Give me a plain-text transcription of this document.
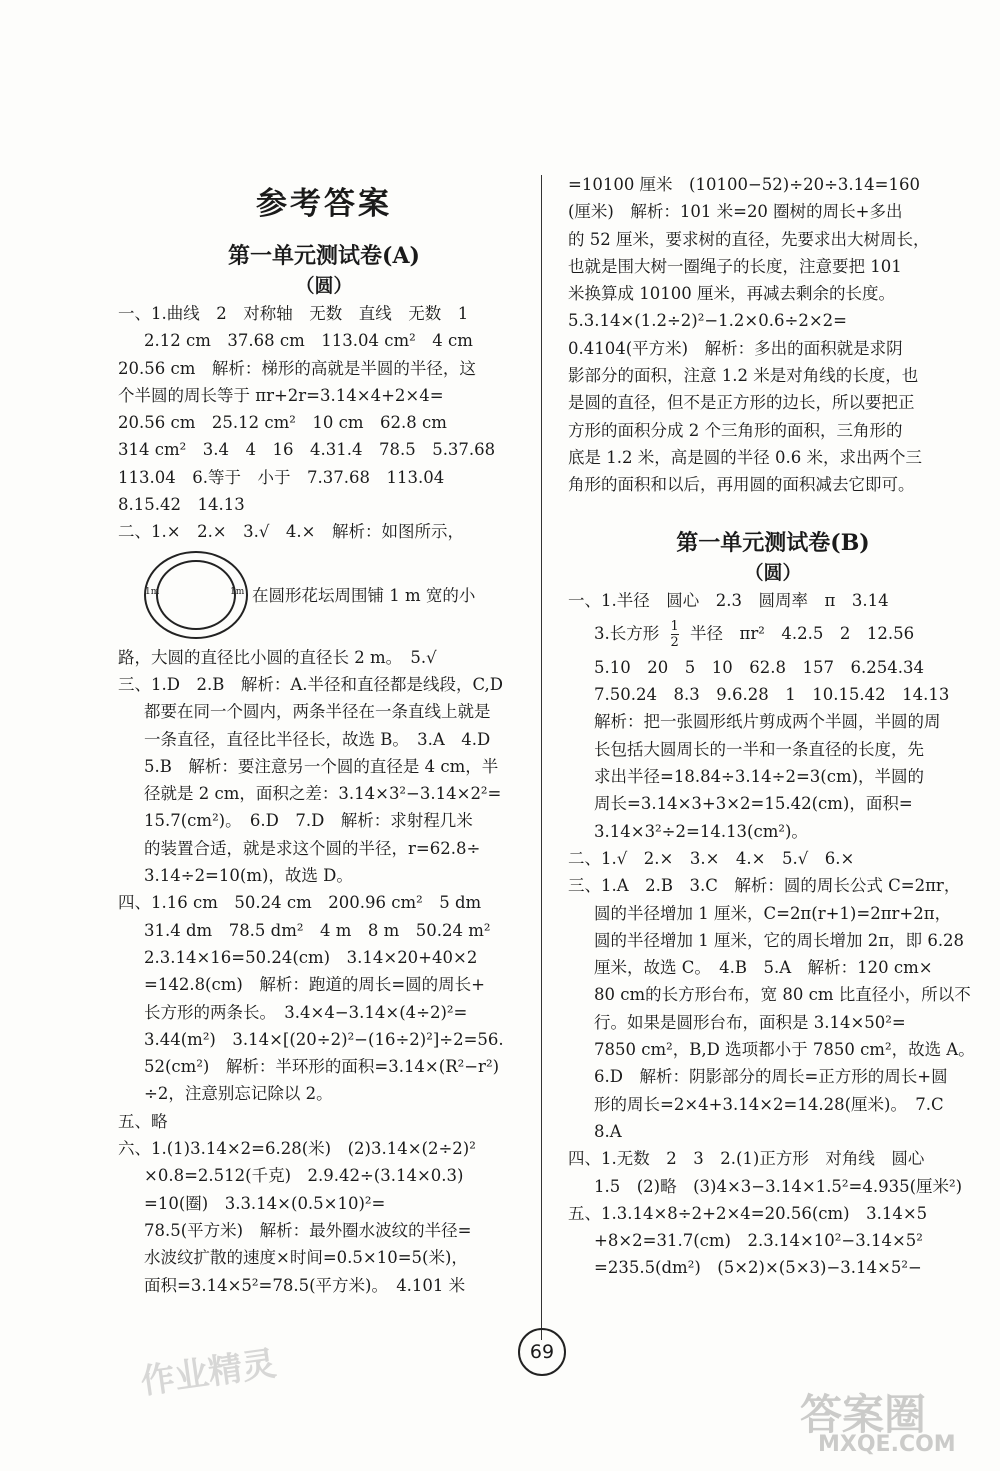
参考答案
第一单元测试卷(A)
（圆）
一、1.曲线　2　对称轴　无数　直线　无数　1
2.12 cm　37.68 cm　113.04 cm²　4 cm
20.56 cm　解析：梯形的高就是半圆的半径，这
个半圆的周长等于 πr+2r=3.14×4+2×4=
20.56 cm　25.12 cm²　10 cm　62.8 cm
314 cm²　3.4　4　16　4.31.4　78.5　5.37.68
113.04　6.等于　小于　7.37.68　113.04
8.15.42　14.13
二、1.×　2.×　3.√　4.×　解析：如图所示，
1m	1m 在圆形花坛周围铺 1 m 宽的小
路，大圆的直径比小圆的直径长 2 m。　5.√
三、1.D　2.B　解析：A.半径和直径都是线段，C,D
都要在同一个圆内，两条半径在一条直线上就是
一条直径，直径比半径长，故选 B。　3.A　4.D
5.B　解析：要注意另一个圆的直径是 4 cm，半
径就是 2 cm，面积之差：3.14×3²−3.14×2²=
15.7(cm²)。　6.D　7.D　解析：求射程几米
的装置合适，就是求这个圆的半径，r=62.8÷
3.14÷2=10(m)，故选 D。
四、1.16 cm　50.24 cm　200.96 cm²　5 dm
31.4 dm　78.5 dm²　4 m　8 m　50.24 m²
2.3.14×16=50.24(cm)　3.14×20+40×2
=142.8(cm)　解析：跑道的周长=圆的周长+
长方形的两条长。　3.4×4−3.14×(4÷2)²=
3.44(m²)　3.14×[(20÷2)²−(16÷2)²]÷2=56.
52(cm²)　解析：半环形的面积=3.14×(R²−r²)
÷2，注意别忘记除以 2。
五、略
六、1.(1)3.14×2=6.28(米)　(2)3.14×(2÷2)²
×0.8=2.512(千克)　2.9.42÷(3.14×0.3)
=10(圈)　3.3.14×(0.5×10)²=
78.5(平方米)　解析：最外圈水波纹的半径=
水波纹扩散的速度×时间=0.5×10=5(米)，
面积=3.14×5²=78.5(平方米)。　4.101 米
=10100 厘米　(10100−52)÷20÷3.14=160
(厘米)　解析：101 米=20 圈树的周长+多出
的 52 厘米，要求树的直径，先要求出大树周长，
也就是围大树一圈绳子的长度，注意要把 101
米换算成 10100 厘米，再减去剩余的长度。
5.3.14×(1.2÷2)²−1.2×0.6÷2×2=
0.4104(平方米)　解析：多出的面积就是求阴
影部分的面积，注意 1.2 米是对角线的长度，也
是圆的直径，但不是正方形的边长，所以要把正
方形的面积分成 2 个三角形的面积，三角形的
底是 1.2 米，高是圆的半径 0.6 米，求出两个三
角形的面积和以后，再用圆的面积减去它即可。
第一单元测试卷(B)
（圆）
一、1.半径　圆心　2.3　圆周率　π　3.14
3.长方形 $\frac{1}{2}$ 半径　πr²　4.2.5　2　12.56
5.10　20　5　10　62.8　157　6.254.34
7.50.24　8.3　9.6.28　1　10.15.42　14.13
解析：把一张圆形纸片剪成两个半圆，半圆的周
长包括大圆周长的一半和一条直径的长度，先
求出半径=18.84÷3.14÷2=3(cm)，半圆的
周长=3.14×3+3×2=15.42(cm)，面积=
3.14×3²÷2=14.13(cm²)。
二、1.√　2.×　3.×　4.×　5.√　6.×
三、1.A　2.B　3.C　解析：圆的周长公式 C=2πr，
圆的半径增加 1 厘米，C=2π(r+1)=2πr+2π，
圆的半径增加 1 厘米，它的周长增加 2π，即 6.28
厘米，故选 C。　4.B　5.A　解析：120 cm×
80 cm的长方形台布，宽 80 cm 比直径小，所以不
行。如果是圆形台布，面积是 3.14×50²=
7850 cm²，B,D 选项都小于 7850 cm²，故选 A。
6.D　解析：阴影部分的周长=正方形的周长+圆
形的周长=2×4+3.14×2=14.28(厘米)。　7.C
8.A
四、1.无数　2　3　2.(1)正方形　对角线　圆心
1.5　(2)略　(3)4×3−3.14×1.5²=4.935(厘米²)
五、1.3.14×8÷2+2×4=20.56(cm)　3.14×5
+8×2=31.7(cm)　2.3.14×10²−3.14×5²
=235.5(dm²)　(5×2)×(5×3)−3.14×5²−
69
作业精灵
答案圈
MXQE.COM
